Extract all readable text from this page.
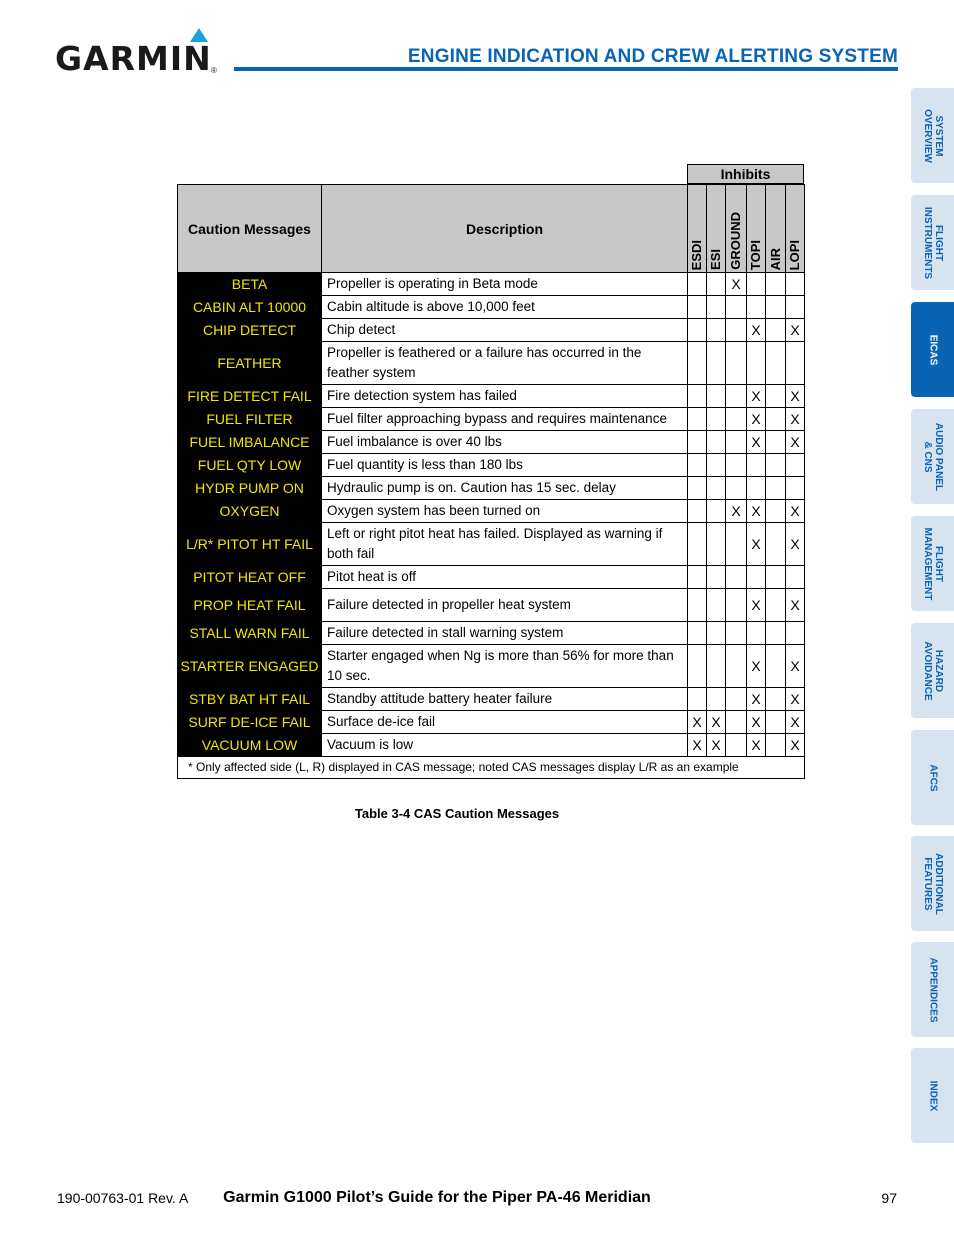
GARMIN ®
ENGINE INDICATION AND CREW ALERTING SYSTEM
SYSTEM
OVERVIEW
FLIGHT
INSTRUMENTS
EICAS
AUDIO PANEL
& CNS
FLIGHT
MANAGEMENT
HAZARD
AVOIDANCE
AFCS
ADDITIONAL
FEATURES
APPENDICES
INDEX
Inhibits
Caution Messages	Description	ESDI	ESI	GROUND	TOPI	AIR	LOPI

BETA	Propeller is operating in Beta mode			X			
CABIN ALT 10000	Cabin altitude is above 10,000 feet						
CHIP DETECT	Chip detect				X		X
FEATHER	Propeller is feathered or a failure has occurred in the feather system						
FIRE DETECT FAIL	Fire detection system has failed				X		X
FUEL FILTER	Fuel filter approaching bypass and requires maintenance				X		X
FUEL IMBALANCE	Fuel imbalance is over 40 lbs				X		X
FUEL QTY LOW	Fuel quantity is less than 180 lbs						
HYDR PUMP ON	Hydraulic pump is on. Caution has 15 sec. delay						
OXYGEN	Oxygen system has been turned on			X	X		X
L/R* PITOT HT FAIL	Left or right pitot heat has failed. Displayed as warning if both fail				X		X
PITOT HEAT OFF	Pitot heat is off						
PROP HEAT FAIL	Failure detected in propeller heat system				X		X
STALL WARN FAIL	Failure detected in stall warning system						
STARTER ENGAGED	Starter engaged when Ng is more than 56% for more than 10 sec.				X		X
STBY BAT HT FAIL	Standby attitude battery heater failure				X		X
SURF DE-ICE FAIL	Surface de-ice fail	X	X		X		X
VACUUM LOW	Vacuum is low	X	X		X		X
* Only affected side (L, R) displayed in CAS message; noted CAS messages display L/R as an example							
Table 3-4 CAS Caution Messages
190-00763-01 Rev. A	Garmin G1000 Pilot’s Guide for the Piper PA-46 Meridian	97
